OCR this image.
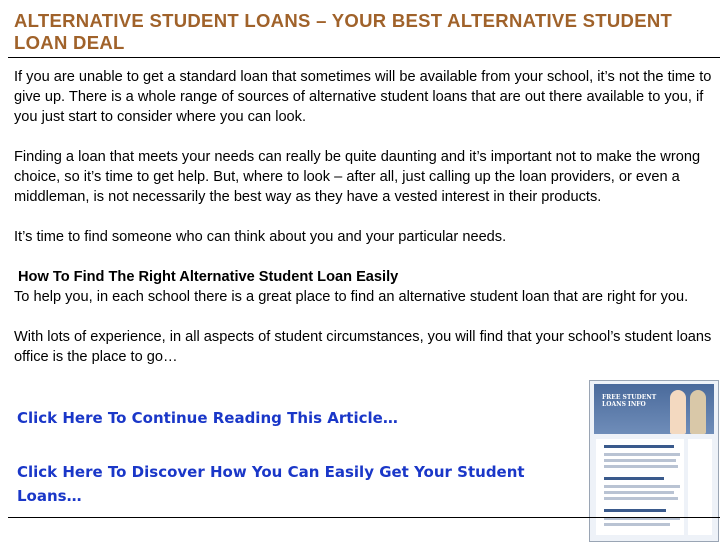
ALTERNATIVE STUDENT LOANS – YOUR BEST ALTERNATIVE STUDENT LOAN DEAL

If you are unable to get a standard loan that sometimes will be available from your school, it’s not the time to give up. There is a whole range of sources of alternative student loans that are out there available to you, if you just start to consider where you can look.

Finding a loan that meets your needs can really be quite daunting and it’s important not to make the wrong choice, so it’s time to get help. But, where to look – after all, just calling up the loan providers, or even a middleman, is not necessarily the best way as they have a vested interest in their products.

It’s time to find someone who can think about you and your particular needs.

How To Find The Right Alternative Student Loan Easily

To help you, in each school there is a great place to find an alternative student loan that are right for you.

With lots of experience, in all aspects of student circumstances, you will find that your school’s student loans office is the place to go…

Click Here To Continue Reading This Article…
Click Here To Discover How You Can Easily Get Your Student Loans…
FREE STUDENT LOANS INFO
